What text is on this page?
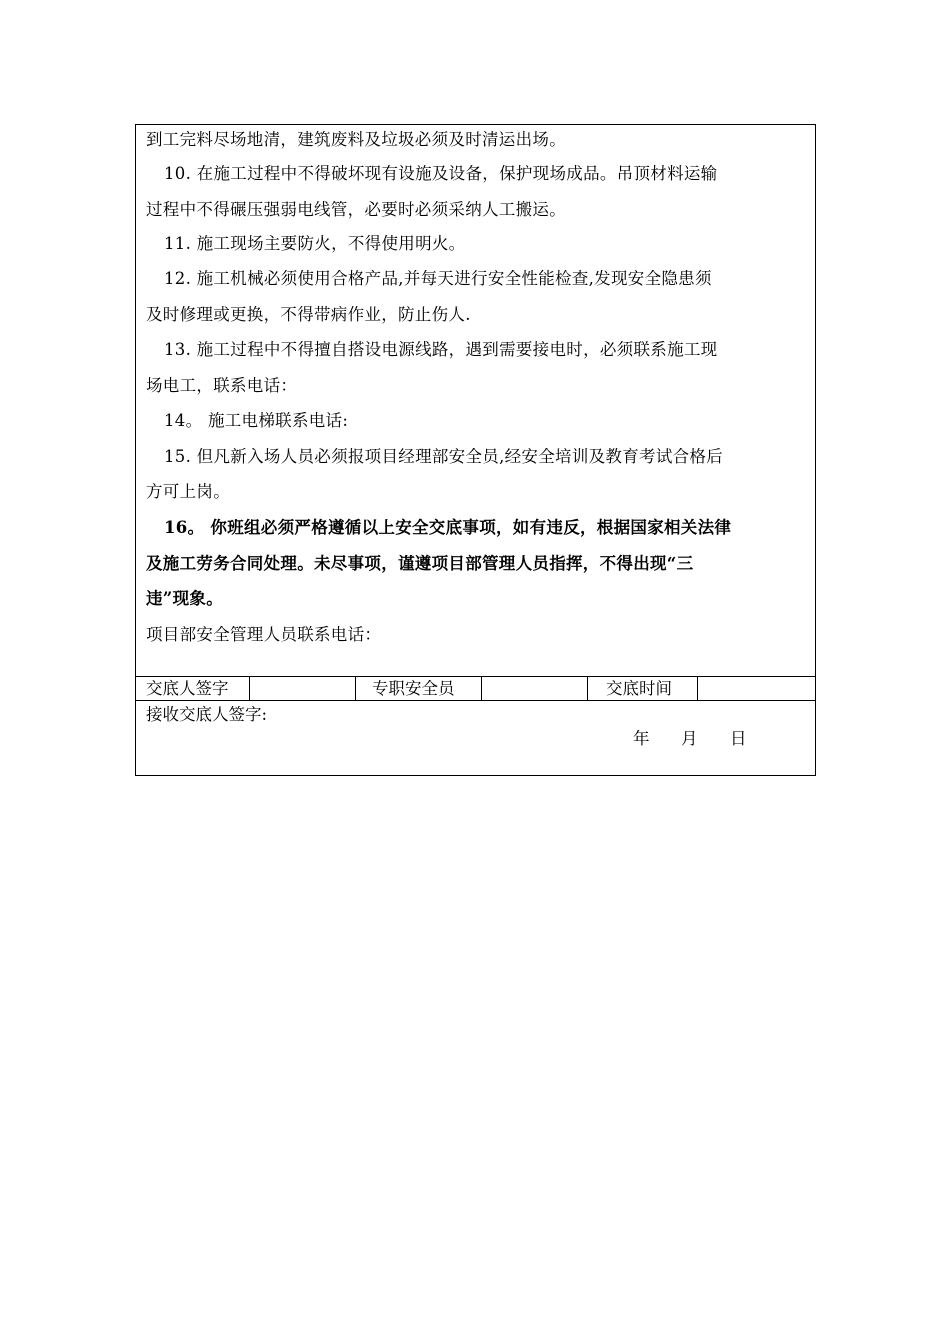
到工完料尽场地清，建筑废料及垃圾必须及时清运出场。
10. 在施工过程中不得破坏现有设施及设备，保护现场成品。吊顶材料运输
过程中不得碾压强弱电线管，必要时必须采纳人工搬运。
11. 施工现场主要防火，不得使用明火。
12. 施工机械必须使用合格产品,并每天进行安全性能检查,发现安全隐患须
及时修理或更换，不得带病作业，防止伤人.
13. 施工过程中不得擅自搭设电源线路，遇到需要接电时，必须联系施工现
场电工，联系电话：
14。 施工电梯联系电话:
15. 但凡新入场人员必须报项目经理部安全员,经安全培训及教育考试合格后
方可上岗。
16。 你班组必须严格遵循以上安全交底事项，如有违反，根据国家相关法律
及施工劳务合同处理。未尽事项，谨遵项目部管理人员指挥，不得出现“三
违”现象。
项目部安全管理人员联系电话：
交底人签字	专职安全员	交底时间
接收交底人签字:
年 月 日
